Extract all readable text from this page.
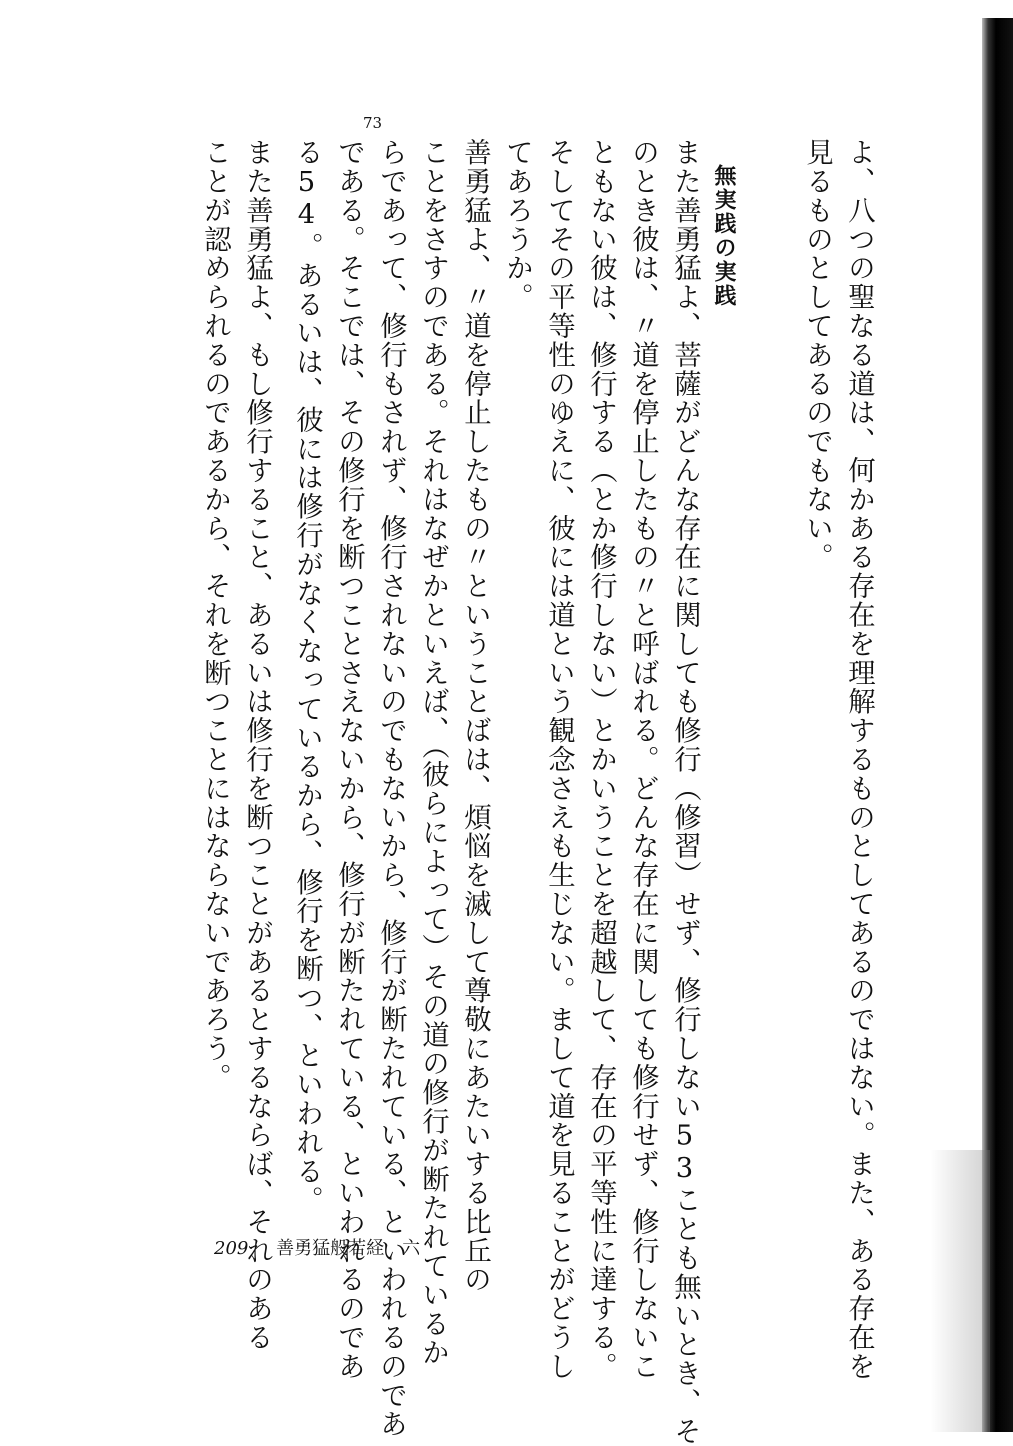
73
よ、八つの聖なる道は、何かある存在を理解するものとしてあるのではない。また、ある存在を
見るものとしてあるのでもない。
無実践の実践
また善勇猛よ、菩薩がどんな存在に関しても修行（修習）せず、修行しない53ことも無いとき、そ
のとき彼は、〃道を停止したもの〃と呼ばれる。どんな存在に関しても修行せず、修行しないこ
ともない彼は、修行する（とか修行しない）とかいうことを超越して、存在の平等性に達する。
そしてその平等性のゆえに、彼には道という観念さえも生じない。まして道を見ることがどうし
てあろうか。
善勇猛よ、〃道を停止したもの〃ということばは、煩悩を滅して尊敬にあたいする比丘の
ことをさすのである。それはなぜかといえば、（彼らによって）その道の修行が断たれているか
らであって、修行もされず、修行されないのでもないから、修行が断たれている、といわれるのであ
である。そこでは、その修行を断つことさえないから、修行が断たれている、といわれるのであ
る54。あるいは、彼には修行がなくなっているから、修行を断つ、といわれる。
また善勇猛よ、もし修行すること、あるいは修行を断つことがあるとするならば、それのある
ことが認められるのであるから、それを断つことにはならないであろう。
209 善勇猛般若経　六
